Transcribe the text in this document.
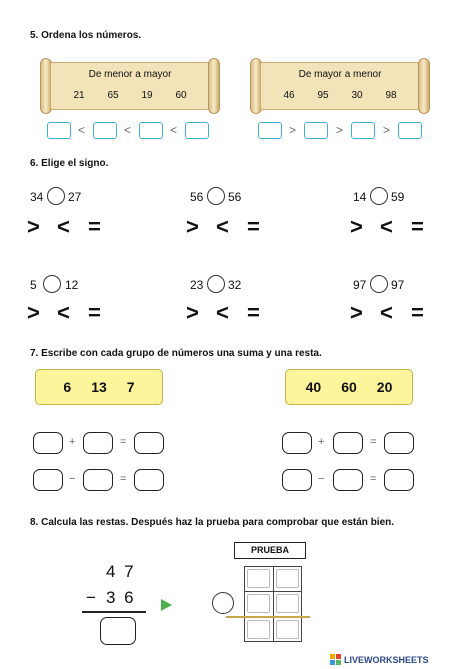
5. Ordena los números.
De menor a mayor
21 65 19 60
De mayor a menor
46 95 30 98
<	<	<	>	>	>
6. Elige el signo.
34 27
> < =
56 56
> < =
14 59
> < =
5 12
> < =
23 32
> < =
97 97
> < =
7. Escribe con cada grupo de números una suma y una resta.
6 13 7	40 60 20
+	=
−	=
+	=
−	=
8. Calcula las restas. Después haz la prueba para comprobar que están bien.
4 7
− 3 6
PRUEBA
LIVEWORKSHEETS
